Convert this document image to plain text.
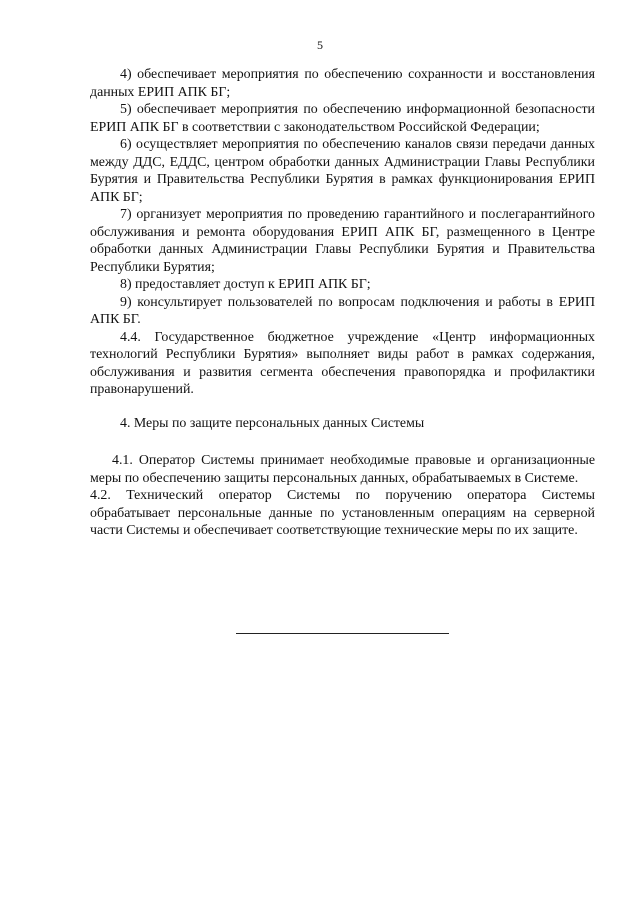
5

4) обеспечивает мероприятия по обеспечению сохранности и восстановления данных ЕРИП АПК БГ;

5) обеспечивает мероприятия по обеспечению информационной безопасности ЕРИП АПК БГ в соответствии с законодательством Российской Федерации;

6) осуществляет мероприятия по обеспечению каналов связи передачи данных между ДДС, ЕДДС, центром обработки данных Администрации Главы Республики Бурятия и Правительства Республики Бурятия в рамках функционирования ЕРИП АПК БГ;

7) организует мероприятия по проведению гарантийного и послегарантийного обслуживания и ремонта оборудования ЕРИП АПК БГ, размещенного в Центре обработки данных Администрации Главы Республики Бурятия и Правительства Республики Бурятия;

8) предоставляет доступ к ЕРИП АПК БГ;

9) консультирует пользователей по вопросам подключения и работы в ЕРИП АПК БГ.

4.4. Государственное бюджетное учреждение «Центр информационных технологий Республики Бурятия» выполняет виды работ в рамках содержания, обслуживания и развития сегмента обеспечения правопорядка и профилактики правонарушений.

4. Меры по защите персональных данных Системы

4.1. Оператор Системы принимает необходимые правовые и организационные меры по обеспечению защиты персональных данных, обрабатываемых в Системе.

4.2. Технический оператор Системы по поручению оператора Системы обрабатывает персональные данные по установленным операциям на серверной части Системы и обеспечивает соответствующие технические меры по их защите.
